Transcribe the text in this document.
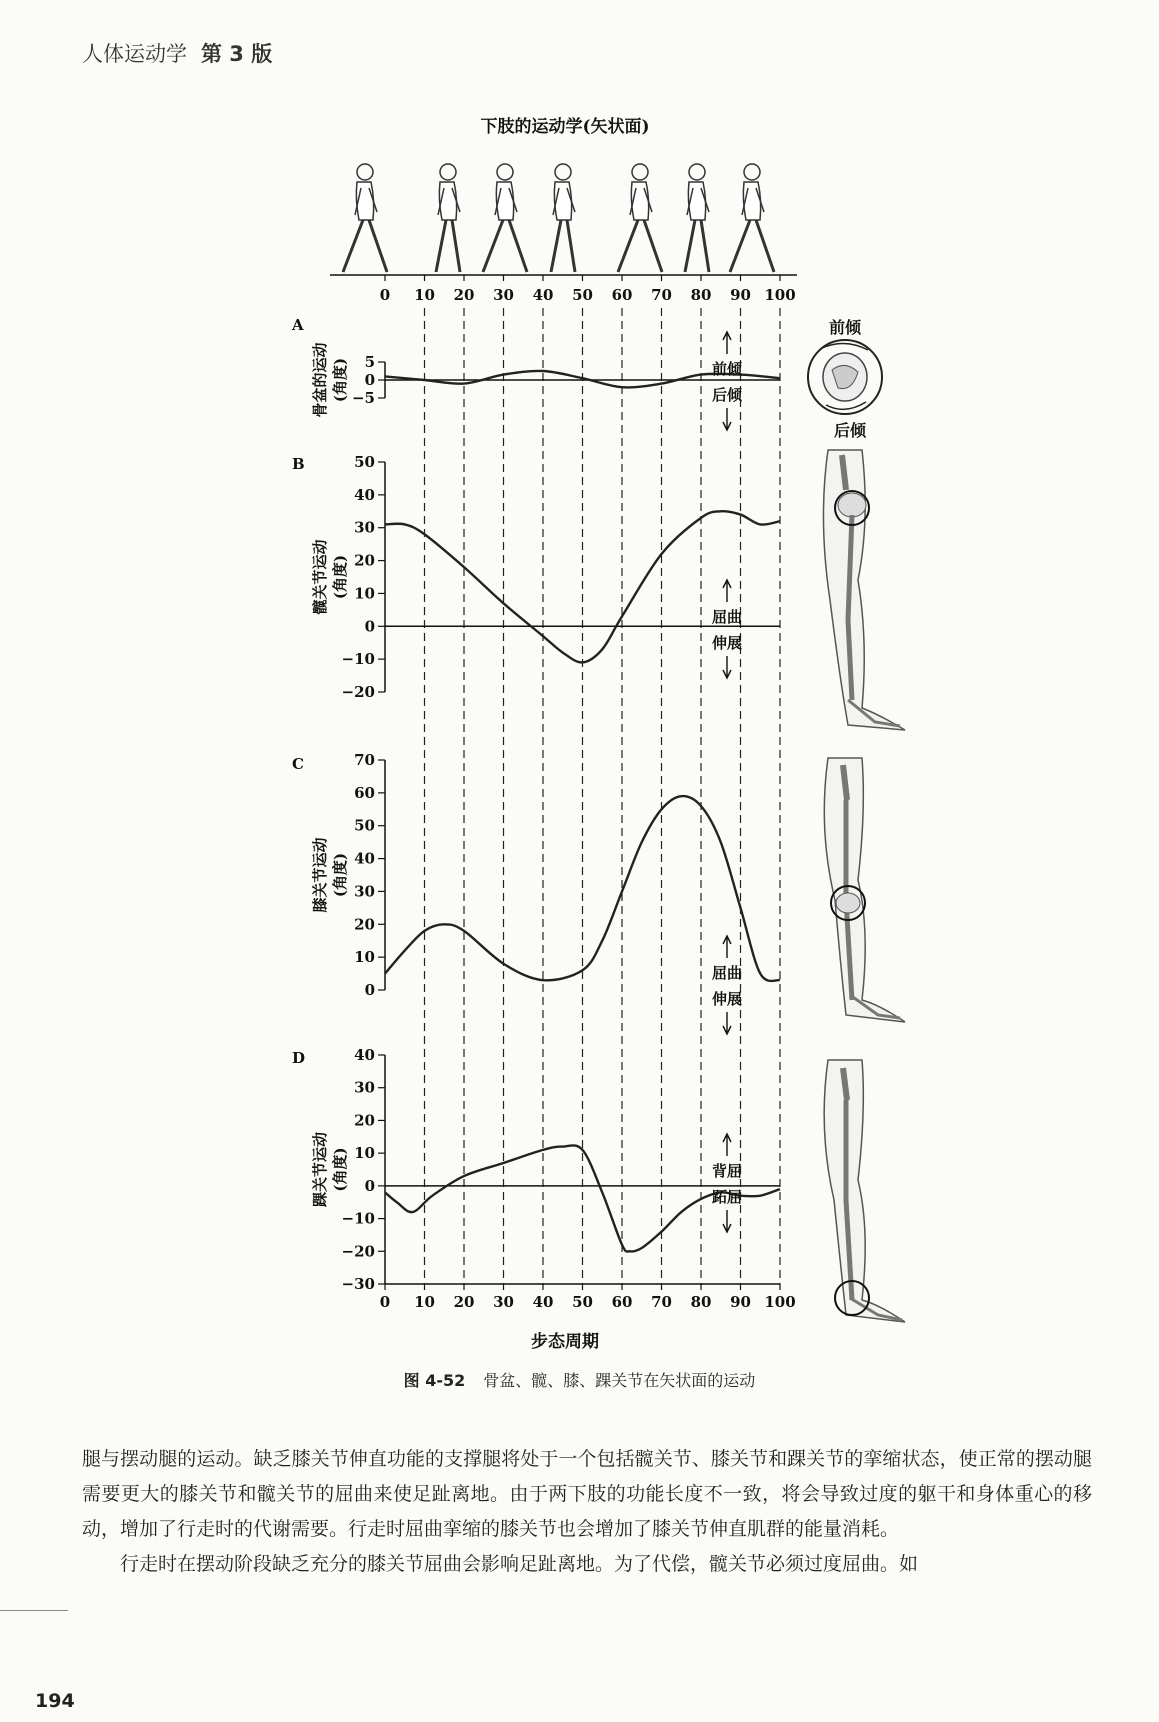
人体运动学 第 3 版
下肢的运动学(矢状面)
0 10 20 30 40 50 60 70 80 90 100
A
5
0
−5
骨盆的运动 (角度)	前倾
后倾
B	50
40
30
20
10
0
−10
−20
髋关节运动 (角度)
屈曲
伸展
C	70
60
50
40
30
20
10
0
膝关节运动 (角度)
屈曲
伸展
D	40
30
20
10
0
−10
−20
−30
踝关节运动 (角度)	背屈
跖屈
0 10 20 30 40 50 60 70 80 90 100
步态周期
前倾
后倾
图 4-52 骨盆、髋、膝、踝关节在矢状面的运动

腿与摆动腿的运动。缺乏膝关节伸直功能的支撑腿将处于一个包括髋关节、膝关节和踝关节的挛缩状态，使正常的摆动腿需要更大的膝关节和髋关节的屈曲来使足趾离地。由于两下肢的功能长度不一致，将会导致过度的躯干和身体重心的移动，增加了行走时的代谢需要。行走时屈曲挛缩的膝关节也会增加了膝关节伸直肌群的能量消耗。

行走时在摆动阶段缺乏充分的膝关节屈曲会影响足趾离地。为了代偿，髋关节必须过度屈曲。如

194
